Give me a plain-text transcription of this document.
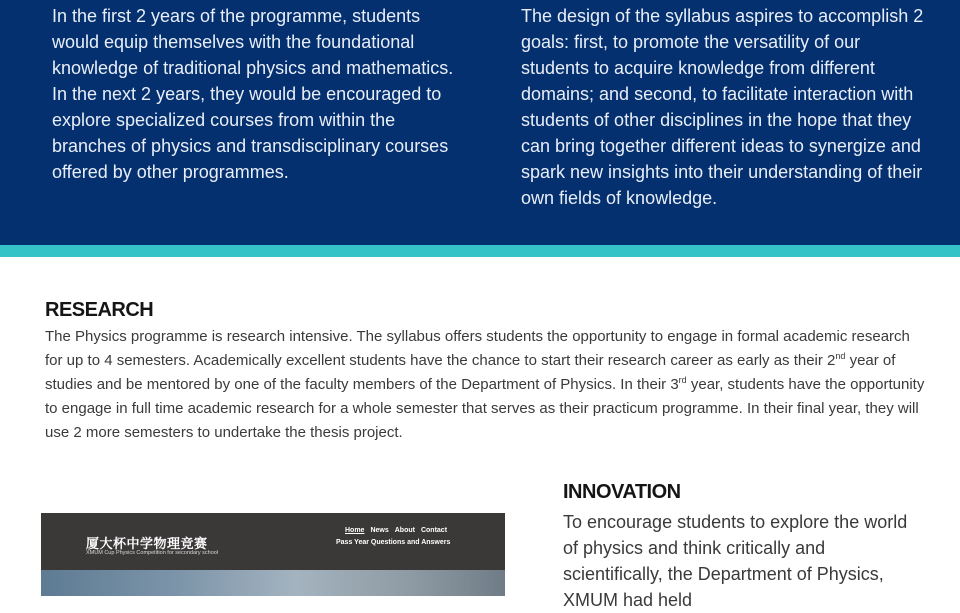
In the first 2 years of the programme, students would equip themselves with the foundational knowledge of traditional physics and mathematics. In the next 2 years, they would be encouraged to explore specialized courses from within the branches of physics and transdisciplinary courses offered by other programmes.

The design of the syllabus aspires to accomplish 2 goals: first, to promote the versatility of our students to acquire knowledge from different domains; and second, to facilitate interaction with students of other disciplines in the hope that they can bring together different ideas to synergize and spark new insights into their understanding of their own fields of knowledge.

RESEARCH

The Physics programme is research intensive. The syllabus offers students the opportunity to engage in formal academic research for up to 4 semesters. Academically excellent students have the chance to start their research career as early as their 2nd year of studies and be mentored by one of the faculty members of the Department of Physics. In their 3rd year, students have the opportunity to engage in full time academic research for a whole semester that serves as their practicum programme. In their final year, they will use 2 more semesters to undertake the thesis project.

厦大杯中学物理竞赛
XMUM Cup Physics Competition for secondary school
Home News About Contact
Pass Year Questions and Answers
INNOVATION

To encourage students to explore the world of physics and think critically and scientifically, the Department of Physics, XMUM had held
